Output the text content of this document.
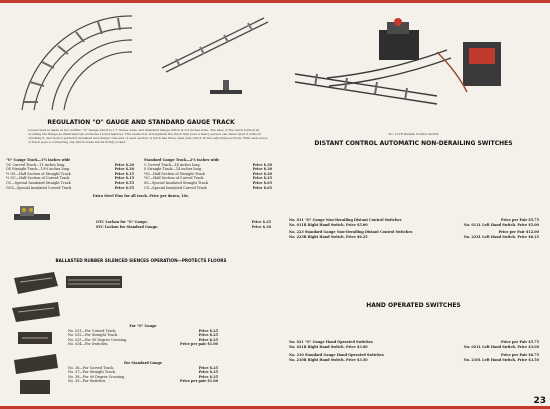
REGULATION "O" GAUGE AND STANDARD GAUGE TRACK
Lionel track is made in two widths: "O" Gauge which is 1¼ inches wide, and Standard Gauge which is 2⅛ inches wide. The base of the rail is formed by doubling the flange as illustrated (an exclusive Lionel feature). This method so strengthens the track that even a heavy person can stand upon it without crushing it. All track is perfectly insulated and tinned. One end of each section of track has three steel pins which fit into adjoining sections. With each piece of track goes a connecting clip which holds tracks firmly locked.
"O" Gauge Track—1¼ inches wide
OC Curved Track—11 inches long.	Price $.20
OS Straight Track—10¼ inches long.	Price $.20
½ OS—Half Section of Straight Track	Price $.15
½ OC—Half Section of Curved Track	Price $.15
OC—Special Insulated Straight Track	Price $.55
OCS—Special Insulated Curved Track	Price $.55
Standard Gauge Track—2⅛ inches wide
C Curved Track—14 inches long.	Price $.30
S Straight Track—14 inches long.	Price $.30
½S—Half Section of Straight Track	Price $.20
½C—Half Section of Curved Track	Price $.25
SS—Special Insulated Straight Track	Price $.65
CS—Special Insulated Curved Track	Price $.65
Extra Steel Pins for all track. Price per dozen, 10c.
OTC Lockon for "O" Gauge.	Price $.25
STC Lockon for Standard Gauge.	Price $.30
BALLASTED RUBBER SILENCED SIENCES OPERATION—PROTECTS FLOORS
For "O" Gauge
No. 031—For Curved Track.	Price $.25
No. 032—For Straight Track.	Price $.25
No. 033—For 90 Degree Crossing.	Price $.25
No. 034—For Switches.	Price per pair $1.00
For Standard Gauge
No. 36—For Curved Track.	Price $.25
No. 37—For Straight Track.	Price $.25
No. 38—For 90 Degree Crossing.	Price $.25
No. 39—For Switches.	Price per pair $1.00
No. 211R Distant Control Switch
DISTANT CONTROL AUTOMATIC NON-DERAILING SWITCHES
No. 011 "O" Gauge Non-Derailing Distant Control Switches	Price per Pair $5.75
No. 011R Right Hand Switch. Price $5.00	No. 011L Left Hand Switch. Price $5.00
No. 223 Standard Gauge Non-Derailing Distant Control Switches	Price per Pair $12.00
No. 223R Right Hand Switch. Price $6.25	No. 223L Left Hand Switch. Price $6.25
HAND OPERATED SWITCHES
No. 021 "O" Gauge Hand Operated Switches	Price per Pair $5.75
No. 021R Right Hand Switch. Price $3.00	No. 021L Left Hand Switch. Price $3.00
No. 210 Standard Gauge Hand Operated Switches	Price per Pair $6.75
No. 210R Right Hand Switch. Price $3.50	No. 210L Left Hand Switch. Price $3.50
23
